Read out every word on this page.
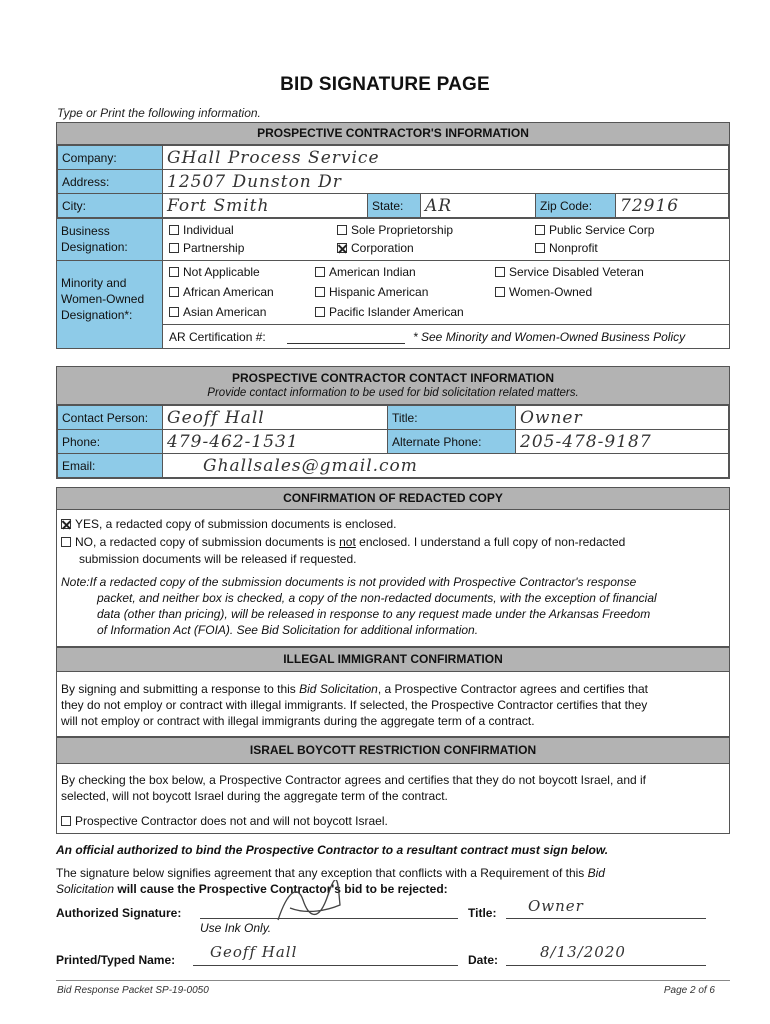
BID SIGNATURE PAGE
Type or Print the following information.
PROSPECTIVE CONTRACTOR'S INFORMATION
Company:	GHall Process Service				
Address:	12507 Dunston Dr				
City:	Fort Smith	State:	AR	Zip Code:	72916
Business
Designation:
Individual	Sole Proprietorship	Public Service Corp
Partnership	Corporation	Nonprofit
Minority and
Women-Owned
Designation*:
Not Applicable	American Indian	Service Disabled Veteran
African American	Hispanic American	Women-Owned
Asian American	Pacific Islander American
AR Certification #:	* See Minority and Women-Owned Business Policy
PROSPECTIVE CONTRACTOR CONTACT INFORMATION
Provide contact information to be used for bid solicitation related matters.
Contact Person:	Geoff Hall	Title:	Owner
Phone:	479-462-1531	Alternate Phone:	205-478-9187
Email:	Ghallsales@gmail.com		
CONFIRMATION OF REDACTED COPY
YES, a redacted copy of submission documents is enclosed.
NO, a redacted copy of submission documents is not enclosed. I understand a full copy of non-redacted
submission documents will be released if requested.
Note:If a redacted copy of the submission documents is not provided with Prospective Contractor's response
packet, and neither box is checked, a copy of the non-redacted documents, with the exception of financial
data (other than pricing), will be released in response to any request made under the Arkansas Freedom
of Information Act (FOIA). See Bid Solicitation for additional information.
ILLEGAL IMMIGRANT CONFIRMATION
By signing and submitting a response to this Bid Solicitation, a Prospective Contractor agrees and certifies that
they do not employ or contract with illegal immigrants. If selected, the Prospective Contractor certifies that they
will not employ or contract with illegal immigrants during the aggregate term of a contract.
ISRAEL BOYCOTT RESTRICTION CONFIRMATION
By checking the box below, a Prospective Contractor agrees and certifies that they do not boycott Israel, and if
selected, will not boycott Israel during the aggregate term of the contract.
Prospective Contractor does not and will not boycott Israel.
An official authorized to bind the Prospective Contractor to a resultant contract must sign below.
The signature below signifies agreement that any exception that conflicts with a Requirement of this Bid
Solicitation will cause the Prospective Contractor's bid to be rejected:
Authorized Signature:
Use Ink Only.
Title: Owner
Printed/Typed Name: Geoff Hall	Date:	8/13/2020
Bid Response Packet SP-19-0050	Page 2 of 6
